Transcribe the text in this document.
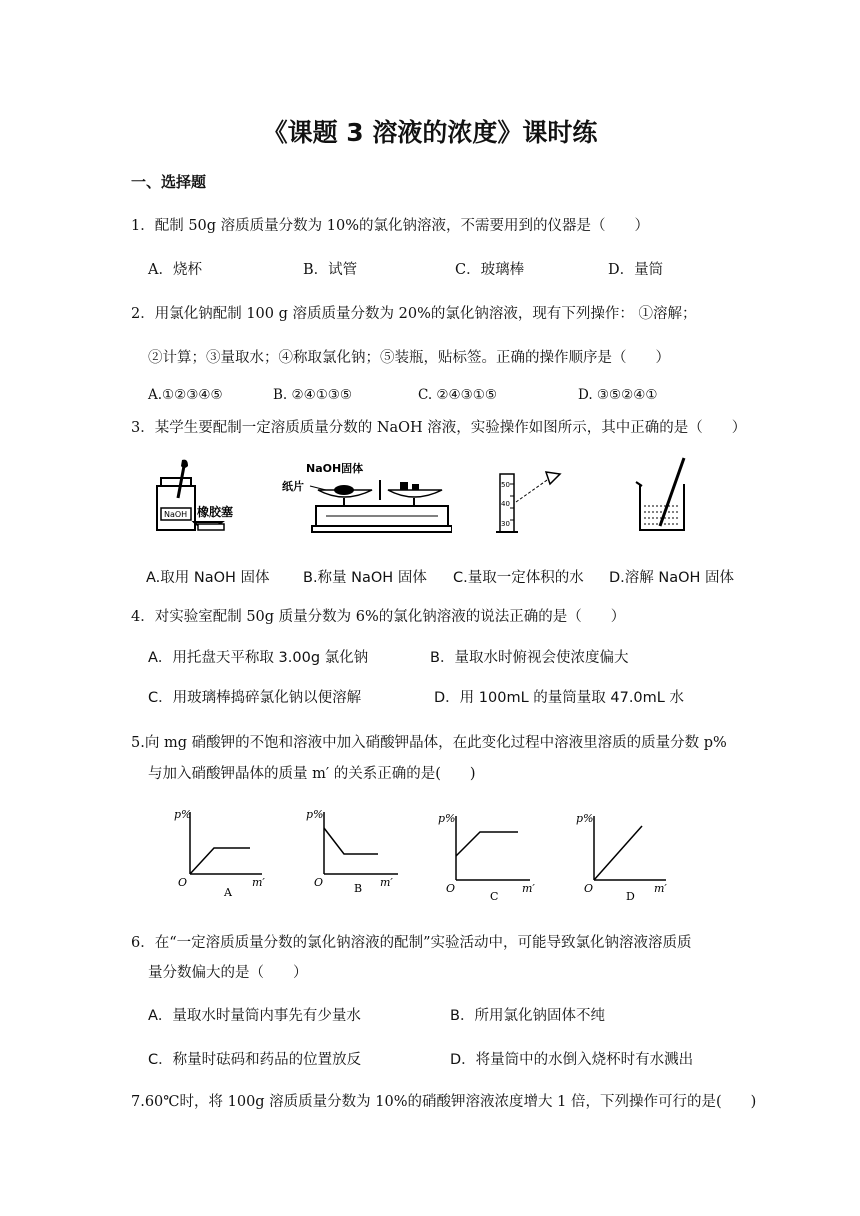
《课题 3 溶液的浓度》课时练
一、选择题
1．配制 50g 溶质质量分数为 10%的氯化钠溶液，不需要用到的仪器是（　　）
A．烧杯	B．试管	C．玻璃棒	D．量筒
2．用氯化钠配制 100 g 溶质质量分数为 20%的氯化钠溶液，现有下列操作： ①溶解；
②计算；③量取水；④称取氯化钠；⑤装瓶，贴标签。正确的操作顺序是（　　）
A.①②③④⑤	B. ②④①③⑤	C. ②④③①⑤	D. ③⑤②④①
3．某学生要配制一定溶质质量分数的 NaOH 溶液，实验操作如图所示，其中正确的是（　　）
NaOH 橡胶塞
NaOH固体
纸片	50
40
30
A.取用 NaOH 固体 B.称量 NaOH 固体 C.量取一定体积的水 D.溶解 NaOH 固体
4．对实验室配制 50g 质量分数为 6%的氯化钠溶液的说法正确的是（　　）
A．用托盘天平称取 3.00g 氯化钠	B．量取水时俯视会使浓度偏大
C．用玻璃棒捣碎氯化钠以便溶解	D．用 100mL 的量筒量取 47.0mL 水
5.向 mg 硝酸钾的不饱和溶液中加入硝酸钾晶体，在此变化过程中溶液里溶质的质量分数 p%
与加入硝酸钾晶体的质量 m′ 的关系正确的是(　　)
p%
O	m′
A
p%
O	m′
B
p%
O	m′
C
p%
O	m′
D
6．在“一定溶质质量分数的氯化钠溶液的配制”实验活动中，可能导致氯化钠溶液溶质质
量分数偏大的是（　　）
A．量取水时量筒内事先有少量水	B．所用氯化钠固体不纯
C．称量时砝码和药品的位置放反	D．将量筒中的水倒入烧杯时有水溅出
7.60℃时，将 100g 溶质质量分数为 10%的硝酸钾溶液浓度增大 1 倍，下列操作可行的是(　　)
